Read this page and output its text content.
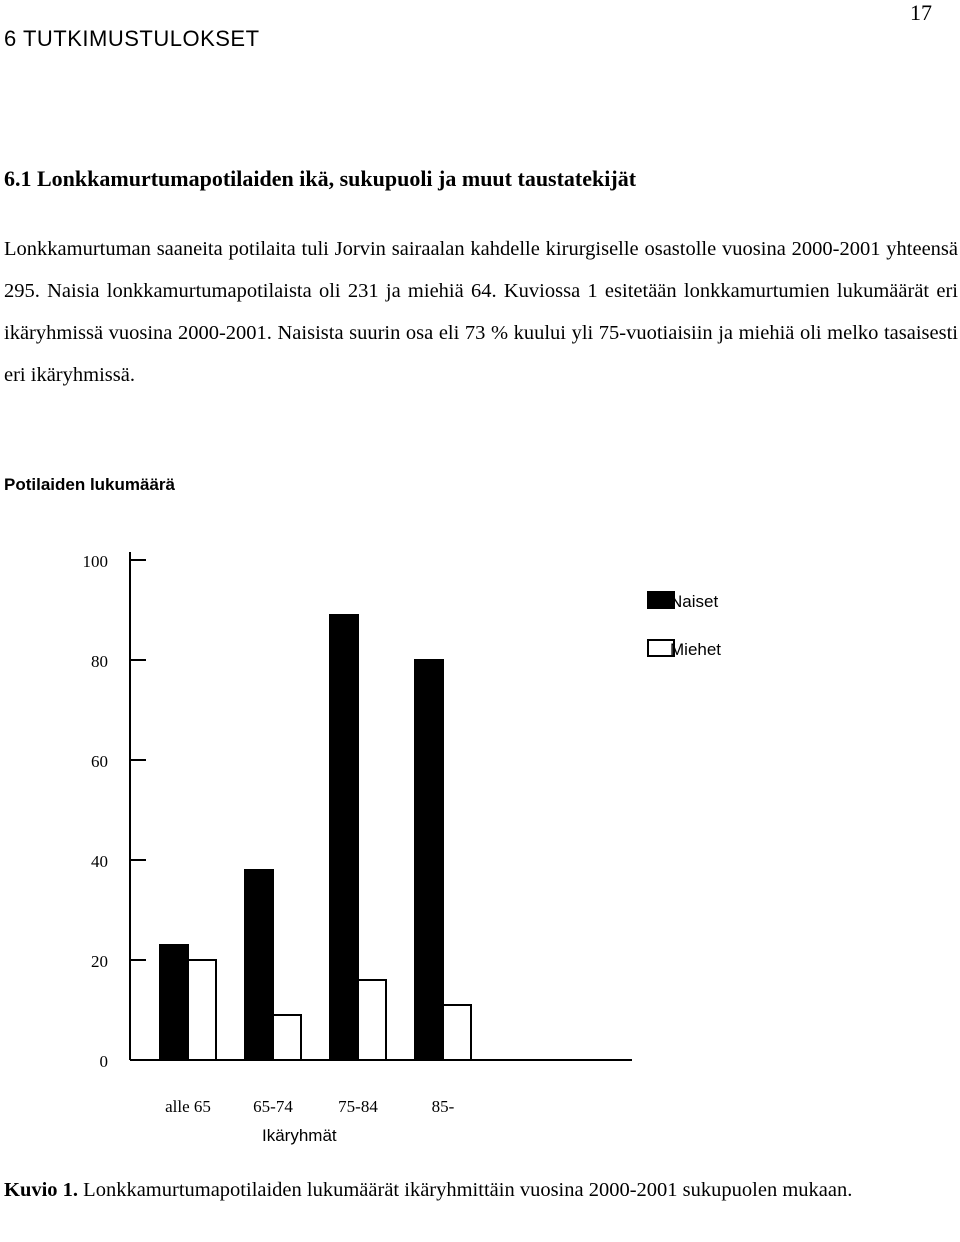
17
6 TUTKIMUSTULOKSET
6.1 Lonkkamurtumapotilaiden ikä, sukupuoli ja muut taustatekijät

Lonkkamurtuman saaneita potilaita tuli Jorvin sairaalan kahdelle kirurgiselle osastolle vuosina 2000-2001 yhteensä 295. Naisia lonkkamurtumapotilaista oli 231 ja miehiä 64. Kuviossa 1 esitetään lonkkamurtumien lukumäärät eri ikäryhmissä vuosina 2000-2001. Naisista suurin osa eli 73 % kuului yli 75-vuotiaisiin ja miehiä oli melko tasaisesti eri ikäryhmissä.

Potilaiden lukumäärä
0
20
40
60
80
100
alle 65 65-74	75-84	85-
Naiset
Miehet
Ikäryhmät

Kuvio 1. Lonkkamurtumapotilaiden lukumäärät ikäryhmittäin vuosina 2000-2001 sukupuolen mukaan.
